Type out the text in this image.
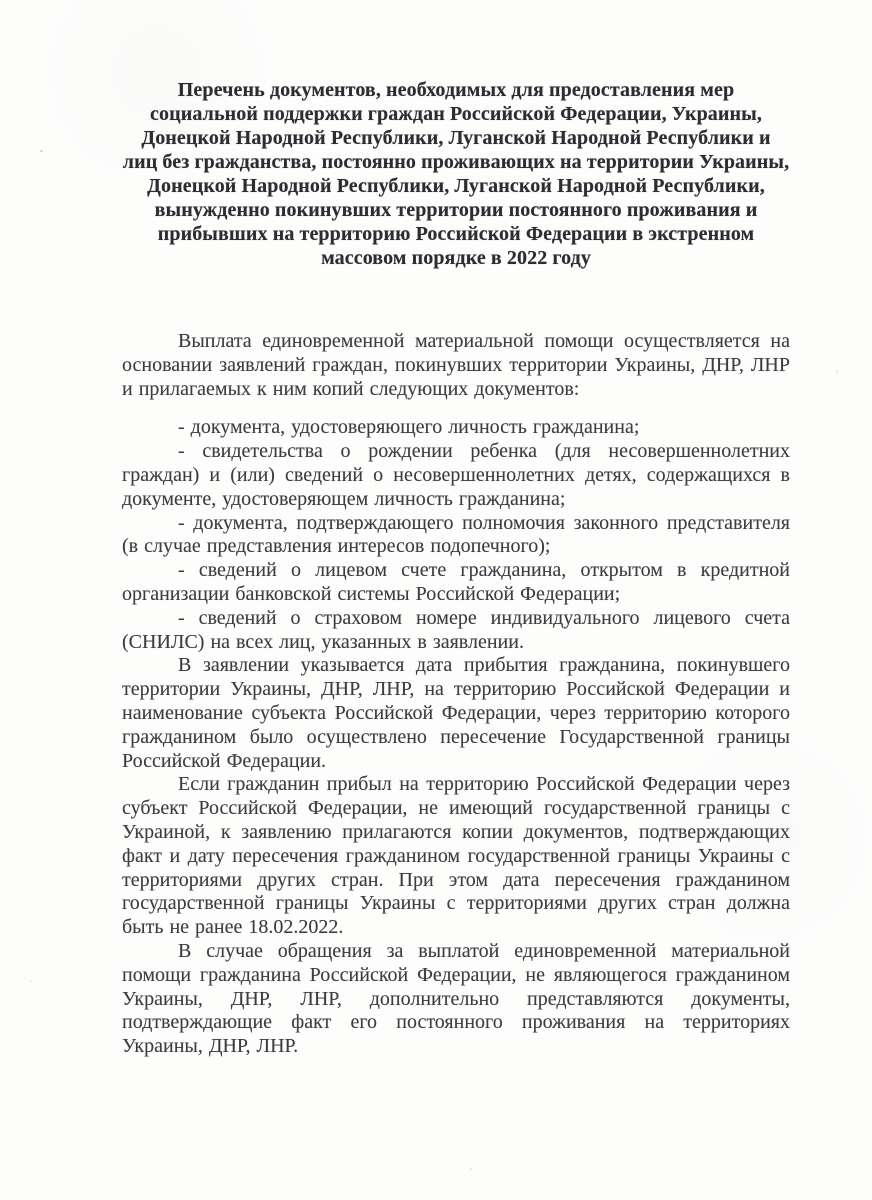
Перечень документов, необходимых для предоставления мер социальной поддержки граждан Российской Федерации, Украины, Донецкой Народной Республики, Луганской Народной Республики и лиц без гражданства, постоянно проживающих на территории Украины, Донецкой Народной Республики, Луганской Народной Республики, вынужденно покинувших территории постоянного проживания и прибывших на территорию Российской Федерации в экстренном массовом порядке в 2022 году

Выплата единовременной материальной помощи осуществляется на основании заявлений граждан, покинувших территории Украины, ДНР, ЛНР и прилагаемых к ним копий следующих документов:

- документа, удостоверяющего личность гражданина;

- свидетельства о рождении ребенка (для несовершеннолетних граждан) и (или) сведений о несовершеннолетних детях, содержащихся в документе, удостоверяющем личность гражданина;

- документа, подтверждающего полномочия законного представителя (в случае представления интересов подопечного);

- сведений о лицевом счете гражданина, открытом в кредитной организации банковской системы Российской Федерации;

- сведений о страховом номере индивидуального лицевого счета (СНИЛС) на всех лиц, указанных в заявлении.

В заявлении указывается дата прибытия гражданина, покинувшего территории Украины, ДНР, ЛНР, на территорию Российской Федерации и наименование субъекта Российской Федерации, через территорию которого гражданином было осуществлено пересечение Государственной границы Российской Федерации.

Если гражданин прибыл на территорию Российской Федерации через субъект Российской Федерации, не имеющий государственной границы с Украиной, к заявлению прилагаются копии документов, подтверждающих факт и дату пересечения гражданином государственной границы Украины с территориями других стран. При этом дата пересечения гражданином государственной границы Украины с территориями других стран должна быть не ранее 18.02.2022.

В случае обращения за выплатой единовременной материальной помощи гражданина Российской Федерации, не являющегося гражданином Украины, ДНР, ЛНР, дополнительно представляются документы, подтверждающие факт его постоянного проживания на территориях Украины, ДНР, ЛНР.
